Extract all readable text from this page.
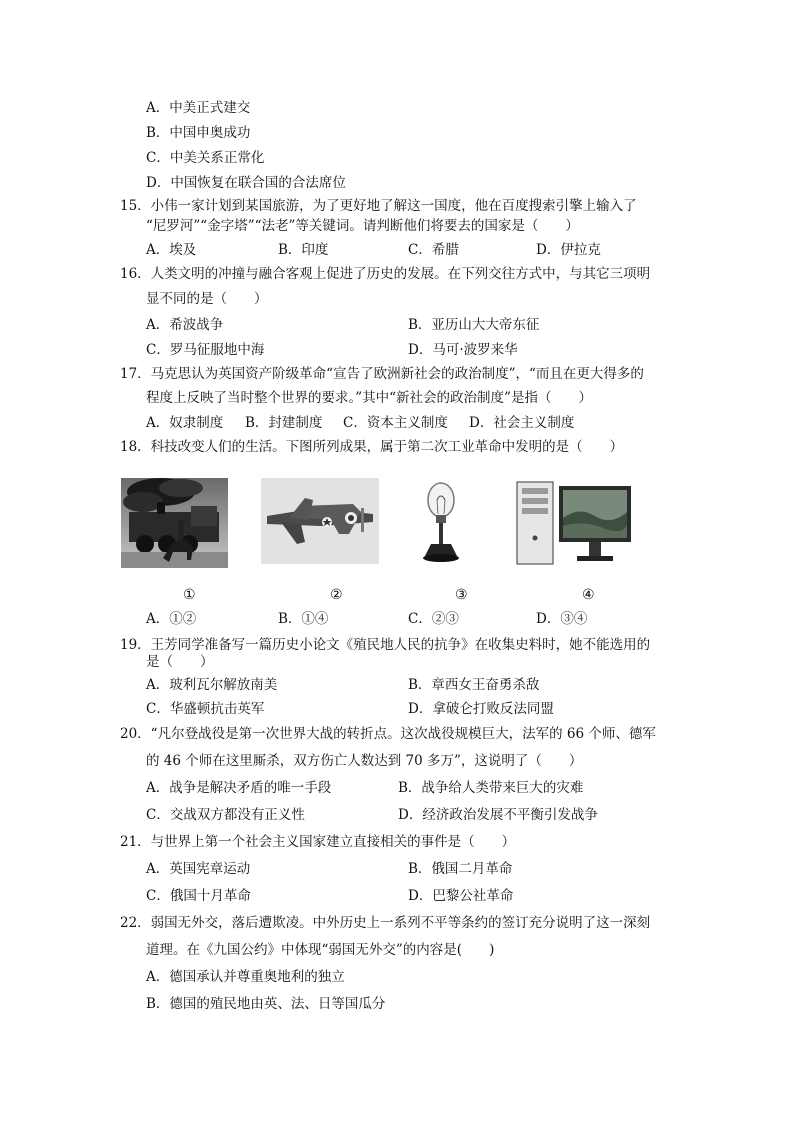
A．中美正式建交
B．中国申奥成功
C．中美关系正常化
D．中国恢复在联合国的合法席位
15．小伟一家计划到某国旅游，为了更好地了解这一国度，他在百度搜索引擎上输入了
“尼罗河”“金字塔”“法老”等关键词。请判断他们将要去的国家是（　　）
A．埃及	B．印度	C．希腊	D．伊拉克
16．人类文明的冲撞与融合客观上促进了历史的发展。在下列交往方式中，与其它三项明
显不同的是（　　）
A．希波战争	B．亚历山大大帝东征
C．罗马征服地中海	D．马可·波罗来华
17．马克思认为英国资产阶级革命“宣告了欧洲新社会的政治制度”，“而且在更大得多的
程度上反映了当时整个世界的要求。”其中“新社会的政治制度”是指（　　）
A．奴隶制度 B．封建制度 C．资本主义制度 D．社会主义制度
18．科技改变人们的生活。下图所列成果，属于第二次工业革命中发明的是（　　）
①	②	③	④
A．①②	B．①④	C．②③	D．③④
19．王芳同学准备写一篇历史小论文《殖民地人民的抗争》在收集史料时，她不能选用的
是（　　）
A．玻利瓦尔解放南美	B．章西女王奋勇杀敌
C．华盛顿抗击英军	D．拿破仑打败反法同盟
20．“凡尔登战役是第一次世界大战的转折点。这次战役规模巨大，法军的 66 个师、德军
的 46 个师在这里厮杀，双方伤亡人数达到 70 多万”，这说明了（　　）
A．战争是解决矛盾的唯一手段	B．战争给人类带来巨大的灾难
C．交战双方都没有正义性	D．经济政治发展不平衡引发战争
21．与世界上第一个社会主义国家建立直接相关的事件是（　　）
A．英国宪章运动	B．俄国二月革命
C．俄国十月革命	D．巴黎公社革命
22．弱国无外交，落后遭欺凌。中外历史上一系列不平等条约的签订充分说明了这一深刻
道理。在《九国公约》中体现“弱国无外交”的内容是(　　)
A．德国承认并尊重奥地利的独立
B．德国的殖民地由英、法、日等国瓜分
